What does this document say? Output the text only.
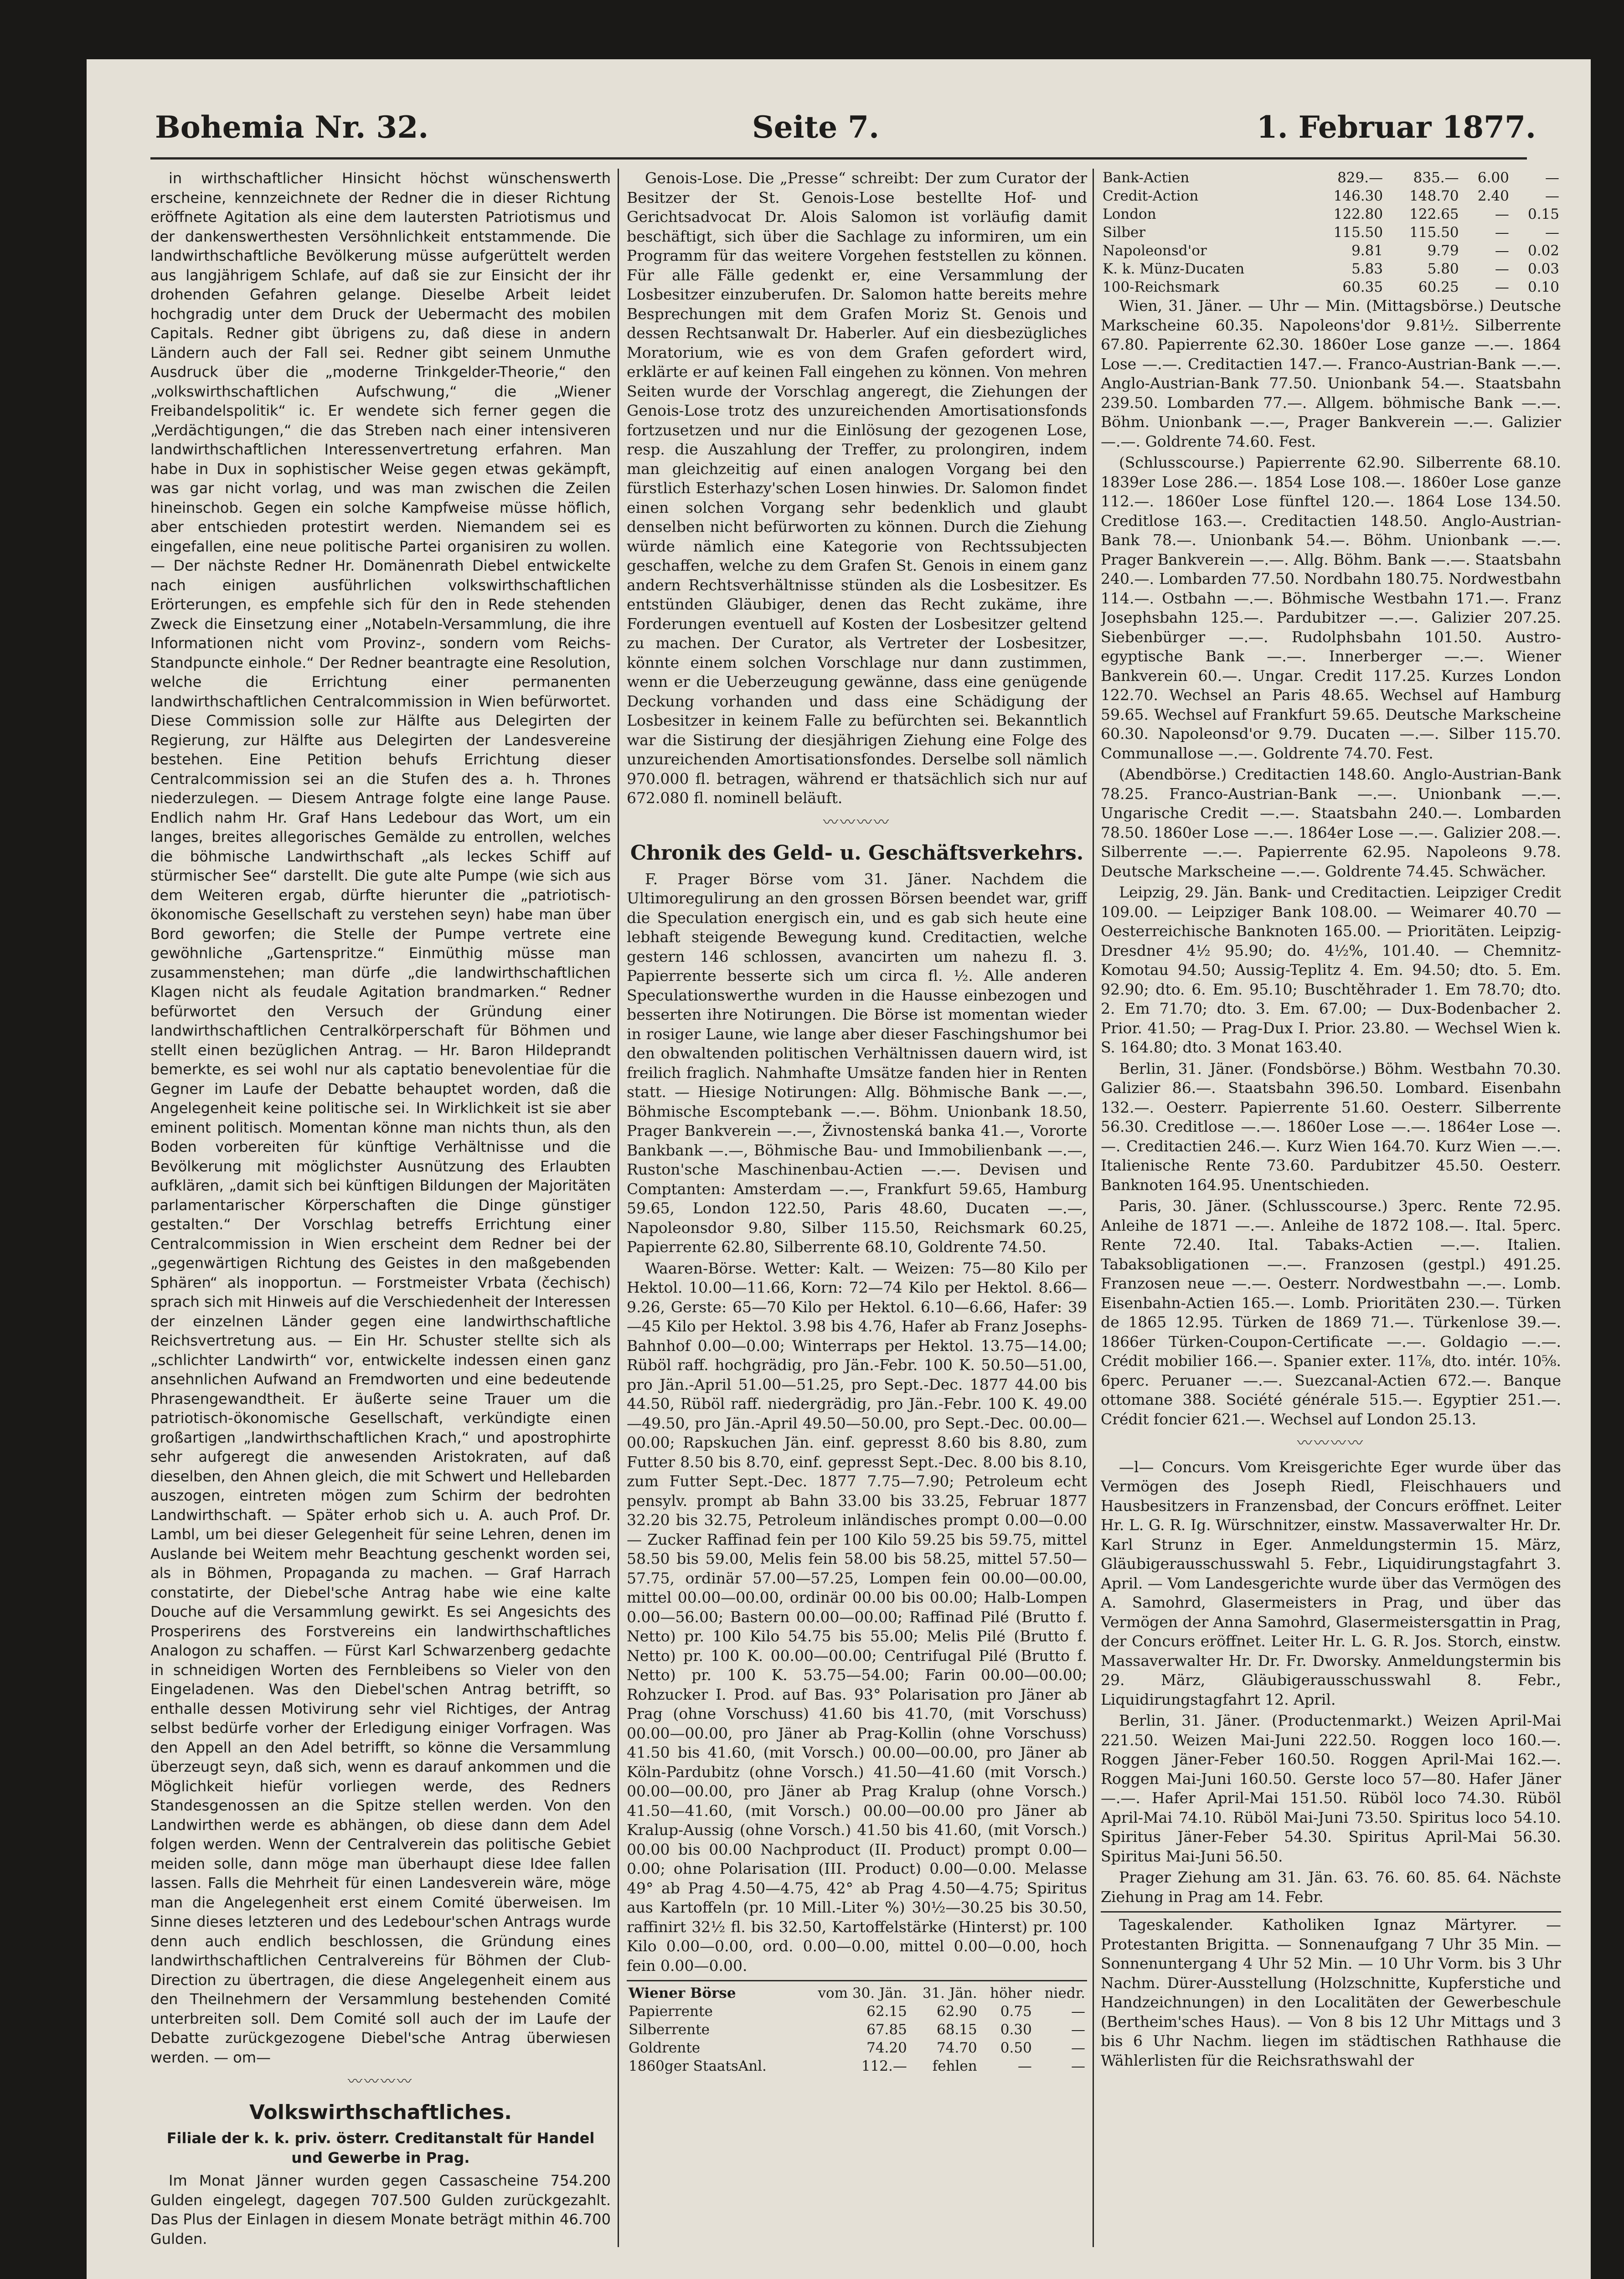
Bohemia Nr. 32.	Seite 7.	1. Februar 1877.

in wirthschaftlicher Hinsicht höchst wünschenswerth erscheine, kennzeichnete der Redner die in dieser Richtung eröffnete Agitation als eine dem lautersten Patriotismus und der dankenswerthesten Versöhnlichkeit entstammende. Die landwirthschaftliche Bevölkerung müsse aufgerüttelt werden aus langjährigem Schlafe, auf daß sie zur Einsicht der ihr drohenden Gefahren gelange. Dieselbe Arbeit leidet hochgradig unter dem Druck der Uebermacht des mobilen Capitals. Redner gibt übrigens zu, daß diese in andern Ländern auch der Fall sei. Redner gibt seinem Unmuthe Ausdruck über die „moderne Trinkgelder-Theorie,“ den „volkswirthschaftlichen Aufschwung,“ die „Wiener Freibandelspolitik“ ic. Er wendete sich ferner gegen die „Verdächtigungen,“ die das Streben nach einer intensiveren landwirthschaftlichen Interessenvertretung erfahren. Man habe in Dux in sophistischer Weise gegen etwas gekämpft, was gar nicht vorlag, und was man zwischen die Zeilen hineinschob. Gegen ein solche Kampfweise müsse höflich, aber entschieden protestirt werden. Niemandem sei es eingefallen, eine neue politische Partei organisiren zu wollen. — Der nächste Redner Hr. Domänenrath Diebel entwickelte nach einigen ausführlichen volkswirthschaftlichen Erörterungen, es empfehle sich für den in Rede stehenden Zweck die Einsetzung einer „Notabeln-Versammlung, die ihre Informationen nicht vom Provinz-, sondern vom Reichs-Standpuncte einhole.“ Der Redner beantragte eine Resolution, welche die Errichtung einer permanenten landwirthschaftlichen Centralcommission in Wien befürwortet. Diese Commission solle zur Hälfte aus Delegirten der Regierung, zur Hälfte aus Delegirten der Landesvereine bestehen. Eine Petition behufs Errichtung dieser Centralcommission sei an die Stufen des a. h. Thrones niederzulegen. — Diesem Antrage folgte eine lange Pause. Endlich nahm Hr. Graf Hans Ledebour das Wort, um ein langes, breites allegorisches Gemälde zu entrollen, welches die böhmische Landwirthschaft „als leckes Schiff auf stürmischer See“ darstellt. Die gute alte Pumpe (wie sich aus dem Weiteren ergab, dürfte hierunter die „patriotisch-ökonomische Gesellschaft zu verstehen seyn) habe man über Bord geworfen; die Stelle der Pumpe vertrete eine gewöhnliche „Gartenspritze.“ Einmüthig müsse man zusammenstehen; man dürfe „die landwirthschaftlichen Klagen nicht als feudale Agitation brandmarken.“ Redner befürwortet den Versuch der Gründung einer landwirthschaftlichen Centralkörperschaft für Böhmen und stellt einen bezüglichen Antrag. — Hr. Baron Hildeprandt bemerkte, es sei wohl nur als captatio benevolentiae für die Gegner im Laufe der Debatte behauptet worden, daß die Angelegenheit keine politische sei. In Wirklichkeit ist sie aber eminent politisch. Momentan könne man nichts thun, als den Boden vorbereiten für künftige Verhältnisse und die Bevölkerung mit möglichster Ausnützung des Erlaubten aufklären, „damit sich bei künftigen Bildungen der Majoritäten parlamentarischer Körperschaften die Dinge günstiger gestalten.“ Der Vorschlag betreffs Errichtung einer Centralcommission in Wien erscheint dem Redner bei der „gegenwärtigen Richtung des Geistes in den maßgebenden Sphären“ als inopportun. — Forstmeister Vrbata (čechisch) sprach sich mit Hinweis auf die Verschiedenheit der Interessen der einzelnen Länder gegen eine landwirthschaftliche Reichsvertretung aus. — Ein Hr. Schuster stellte sich als „schlichter Landwirth“ vor, entwickelte indessen einen ganz ansehnlichen Aufwand an Fremdworten und eine bedeutende Phrasengewandtheit. Er äußerte seine Trauer um die patriotisch-ökonomische Gesellschaft, verkündigte einen großartigen „landwirthschaftlichen Krach,“ und apostrophirte sehr aufgeregt die anwesenden Aristokraten, auf daß dieselben, den Ahnen gleich, die mit Schwert und Hellebarden auszogen, eintreten mögen zum Schirm der bedrohten Landwirthschaft. — Später erhob sich u. A. auch Prof. Dr. Lambl, um bei dieser Gelegenheit für seine Lehren, denen im Auslande bei Weitem mehr Beachtung geschenkt worden sei, als in Böhmen, Propaganda zu machen. — Graf Harrach constatirte, der Diebel'sche Antrag habe wie eine kalte Douche auf die Versammlung gewirkt. Es sei Angesichts des Prosperirens des Forstvereins ein landwirthschaftliches Analogon zu schaffen. — Fürst Karl Schwarzenberg gedachte in schneidigen Worten des Fernbleibens so Vieler von den Eingeladenen. Was den Diebel'schen Antrag betrifft, so enthalle dessen Motivirung sehr viel Richtiges, der Antrag selbst bedürfe vorher der Erledigung einiger Vorfragen. Was den Appell an den Adel betrifft, so könne die Versammlung überzeugt seyn, daß sich, wenn es darauf ankommen und die Möglichkeit hiefür vorliegen werde, des Redners Standesgenossen an die Spitze stellen werden. Von den Landwirthen werde es abhängen, ob diese dann dem Adel folgen werden. Wenn der Centralverein das politische Gebiet meiden solle, dann möge man überhaupt diese Idee fallen lassen. Falls die Mehrheit für einen Landesverein wäre, möge man die Angelegenheit erst einem Comité überweisen. Im Sinne dieses letzteren und des Ledebour'schen Antrags wurde denn auch endlich beschlossen, die Gründung eines landwirthschaftlichen Centralvereins für Böhmen der Club-Direction zu übertragen, die diese Angelegenheit einem aus den Theilnehmern der Versammlung bestehenden Comité unterbreiten soll. Dem Comité soll auch der im Laufe der Debatte zurückgezogene Diebel'sche Antrag überwiesen werden. — om—

〰〰〰〰
Volkswirthschaftliches.
Filiale der k. k. priv. österr. Creditanstalt für Handel und Gewerbe in Prag.

Im Monat Jänner wurden gegen Cassascheine 754.200 Gulden eingelegt, dagegen 707.500 Gulden zurückgezahlt. Das Plus der Einlagen in diesem Monate beträgt mithin 46.700 Gulden.

Genois-Lose. Die „Presse“ schreibt: Der zum Curator der Besitzer der St. Genois-Lose bestellte Hof- und Gerichtsadvocat Dr. Alois Salomon ist vorläufig damit beschäftigt, sich über die Sachlage zu informiren, um ein Programm für das weitere Vorgehen feststellen zu können. Für alle Fälle gedenkt er, eine Versammlung der Losbesitzer einzuberufen. Dr. Salomon hatte bereits mehre Besprechungen mit dem Grafen Moriz St. Genois und dessen Rechtsanwalt Dr. Haberler. Auf ein diesbezügliches Moratorium, wie es von dem Grafen gefordert wird, erklärte er auf keinen Fall eingehen zu können. Von mehren Seiten wurde der Vorschlag angeregt, die Ziehungen der Genois-Lose trotz des unzureichenden Amortisationsfonds fortzusetzen und nur die Einlösung der gezogenen Lose, resp. die Auszahlung der Treffer, zu prolongiren, indem man gleichzeitig auf einen analogen Vorgang bei den fürstlich Esterhazy'schen Losen hinwies. Dr. Salomon findet einen solchen Vorgang sehr bedenklich und glaubt denselben nicht befürworten zu können. Durch die Ziehung würde nämlich eine Kategorie von Rechtssubjecten geschaffen, welche zu dem Grafen St. Genois in einem ganz andern Rechtsverhältnisse stünden als die Losbesitzer. Es entstünden Gläubiger, denen das Recht zukäme, ihre Forderungen eventuell auf Kosten der Losbesitzer geltend zu machen. Der Curator, als Vertreter der Losbesitzer, könnte einem solchen Vorschlage nur dann zustimmen, wenn er die Ueberzeugung gewänne, dass eine genügende Deckung vorhanden und dass eine Schädigung der Losbesitzer in keinem Falle zu befürchten sei. Bekanntlich war die Sistirung der diesjährigen Ziehung eine Folge des unzureichenden Amortisationsfondes. Derselbe soll nämlich 970.000 fl. betragen, während er thatsächlich sich nur auf 672.080 fl. nominell beläuft.

〰〰〰〰
Chronik des Geld- u. Geschäftsverkehrs.

F. Prager Börse vom 31. Jäner. Nachdem die Ultimoregulirung an den grossen Börsen beendet war, griff die Speculation energisch ein, und es gab sich heute eine lebhaft steigende Bewegung kund. Creditactien, welche gestern 146 schlossen, avancirten um nahezu fl. 3. Papierrente besserte sich um circa fl. ½. Alle anderen Speculationswerthe wurden in die Hausse einbezogen und besserten ihre Notirungen. Die Börse ist momentan wieder in rosiger Laune, wie lange aber dieser Faschingshumor bei den obwaltenden politischen Verhältnissen dauern wird, ist freilich fraglich. Nahmhafte Umsätze fanden hier in Renten statt. — Hiesige Notirungen: Allg. Böhmische Bank —.—, Böhmische Escomptebank —.—. Böhm. Unionbank 18.50, Prager Bankverein —.—, Živnostenská banka 41.—, Vororte Bankbank —.—, Böhmische Bau- und Immobilienbank —.—, Ruston'sche Maschinenbau-Actien —.—. Devisen und Comptanten: Amsterdam —.—, Frankfurt 59.65, Hamburg 59.65, London 122.50, Paris 48.60, Ducaten —.—, Napoleonsdor 9.80, Silber 115.50, Reichsmark 60.25, Papierrente 62.80, Silberrente 68.10, Goldrente 74.50.

Waaren-Börse. Wetter: Kalt. — Weizen: 75—80 Kilo per Hektol. 10.00—11.66, Korn: 72—74 Kilo per Hektol. 8.66—9.26, Gerste: 65—70 Kilo per Hektol. 6.10—6.66, Hafer: 39—45 Kilo per Hektol. 3.98 bis 4.76, Hafer ab Franz Josephs-Bahnhof 0.00—0.00; Winterraps per Hektol. 13.75—14.00; Rüböl raff. hochgrädig, pro Jän.-Febr. 100 K. 50.50—51.00, pro Jän.-April 51.00—51.25, pro Sept.-Dec. 1877 44.00 bis 44.50, Rüböl raff. niedergrädig, pro Jän.-Febr. 100 K. 49.00—49.50, pro Jän.-April 49.50—50.00, pro Sept.-Dec. 00.00—00.00; Rapskuchen Jän. einf. gepresst 8.60 bis 8.80, zum Futter 8.50 bis 8.70, einf. gepresst Sept.-Dec. 8.00 bis 8.10, zum Futter Sept.-Dec. 1877 7.75—7.90; Petroleum echt pensylv. prompt ab Bahn 33.00 bis 33.25, Februar 1877 32.20 bis 32.75, Petroleum inländisches prompt 0.00—0.00 — Zucker Raffinad fein per 100 Kilo 59.25 bis 59.75, mittel 58.50 bis 59.00, Melis fein 58.00 bis 58.25, mittel 57.50—57.75, ordinär 57.00—57.25, Lompen fein 00.00—00.00, mittel 00.00—00.00, ordinär 00.00 bis 00.00; Halb-Lompen 0.00—56.00; Bastern 00.00—00.00; Raffinad Pilé (Brutto f. Netto) pr. 100 Kilo 54.75 bis 55.00; Melis Pilé (Brutto f. Netto) pr. 100 K. 00.00—00.00; Centrifugal Pilé (Brutto f. Netto) pr. 100 K. 53.75—54.00; Farin 00.00—00.00; Rohzucker I. Prod. auf Bas. 93° Polarisation pro Jäner ab Prag (ohne Vorschuss) 41.60 bis 41.70, (mit Vorschuss) 00.00—00.00, pro Jäner ab Prag-Kollin (ohne Vorschuss) 41.50 bis 41.60, (mit Vorsch.) 00.00—00.00, pro Jäner ab Köln-Pardubitz (ohne Vorsch.) 41.50—41.60 (mit Vorsch.) 00.00—00.00, pro Jäner ab Prag Kralup (ohne Vorsch.) 41.50—41.60, (mit Vorsch.) 00.00—00.00 pro Jäner ab Kralup-Aussig (ohne Vorsch.) 41.50 bis 41.60, (mit Vorsch.) 00.00 bis 00.00 Nachproduct (II. Product) prompt 0.00—0.00; ohne Polarisation (III. Product) 0.00—0.00. Melasse 49° ab Prag 4.50—4.75, 42° ab Prag 4.50—4.75; Spiritus aus Kartoffeln (pr. 10 Mill.-Liter %) 30½—30.25 bis 30.50, raffinirt 32½ fl. bis 32.50, Kartoffelstärke (Hinterst) pr. 100 Kilo 0.00—0.00, ord. 0.00—0.00, mittel 0.00—0.00, hoch fein 0.00—0.00.

Wiener Börse	vom 30. Jän.	31. Jän.	höher	niedr.
Papierrente	62.15	62.90	0.75	—
Silberrente	67.85	68.15	0.30	—
Goldrente	74.20	74.70	0.50	—
1860ger StaatsAnl.	112.—	fehlen	—	—
Bank-Actien	829.—	835.—	6.00	—
Credit-Action	146.30	148.70	2.40	—
London	122.80	122.65	—	0.15
Silber	115.50	115.50	—	—
Napoleonsd'or	9.81	9.79	—	0.02
K. k. Münz-Ducaten	5.83	5.80	—	0.03
100-Reichsmark	60.35	60.25	—	0.10

Wien, 31. Jäner. — Uhr — Min. (Mittagsbörse.) Deutsche Markscheine 60.35. Napoleons'dor 9.81½. Silberrente 67.80. Papierrente 62.30. 1860er Lose ganze —.—. 1864 Lose —.—. Creditactien 147.—. Franco-Austrian-Bank —.—. Anglo-Austrian-Bank 77.50. Unionbank 54.—. Staatsbahn 239.50. Lombarden 77.—. Allgem. böhmische Bank —.—. Böhm. Unionbank —.—, Prager Bankverein —.—. Galizier —.—. Goldrente 74.60. Fest.

(Schlusscourse.) Papierrente 62.90. Silberrente 68.10. 1839er Lose 286.—. 1854 Lose 108.—. 1860er Lose ganze 112.—. 1860er Lose fünftel 120.—. 1864 Lose 134.50. Creditlose 163.—. Creditactien 148.50. Anglo-Austrian-Bank 78.—. Unionbank 54.—. Böhm. Unionbank —.—. Prager Bankverein —.—. Allg. Böhm. Bank —.—. Staatsbahn 240.—. Lombarden 77.50. Nordbahn 180.75. Nordwestbahn 114.—. Ostbahn —.—. Böhmische Westbahn 171.—. Franz Josephsbahn 125.—. Pardubitzer —.—. Galizier 207.25. Siebenbürger —.—. Rudolphsbahn 101.50. Austro-egyptische Bank —.—. Innerberger —.—. Wiener Bankverein 60.—. Ungar. Credit 117.25. Kurzes London 122.70. Wechsel an Paris 48.65. Wechsel auf Hamburg 59.65. Wechsel auf Frankfurt 59.65. Deutsche Markscheine 60.30. Napoleonsd'or 9.79. Ducaten —.—. Silber 115.70. Communallose —.—. Goldrente 74.70. Fest.

(Abendbörse.) Creditactien 148.60. Anglo-Austrian-Bank 78.25. Franco-Austrian-Bank —.—. Unionbank —.—. Ungarische Credit —.—. Staatsbahn 240.—. Lombarden 78.50. 1860er Lose —.—. 1864er Lose —.—. Galizier 208.—. Silberrente —.—. Papierrente 62.95. Napoleons 9.78. Deutsche Markscheine —.—. Goldrente 74.45. Schwächer.

Leipzig, 29. Jän. Bank- und Creditactien. Leipziger Credit 109.00. — Leipziger Bank 108.00. — Weimarer 40.70 — Oesterreichische Banknoten 165.00. — Prioritäten. Leipzig-Dresdner 4½ 95.90; do. 4½%, 101.40. — Chemnitz-Komotau 94.50; Aussig-Teplitz 4. Em. 94.50; dto. 5. Em. 92.90; dto. 6. Em. 95.10; Buschtěhrader 1. Em 78.70; dto. 2. Em 71.70; dto. 3. Em. 67.00; — Dux-Bodenbacher 2. Prior. 41.50; — Prag-Dux I. Prior. 23.80. — Wechsel Wien k. S. 164.80; dto. 3 Monat 163.40.

Berlin, 31. Jäner. (Fondsbörse.) Böhm. Westbahn 70.30. Galizier 86.—. Staatsbahn 396.50. Lombard. Eisenbahn 132.—. Oesterr. Papierrente 51.60. Oesterr. Silberrente 56.30. Creditlose —.—. 1860er Lose —.—. 1864er Lose —.—. Creditactien 246.—. Kurz Wien 164.70. Kurz Wien —.—. Italienische Rente 73.60. Pardubitzer 45.50. Oesterr. Banknoten 164.95. Unentschieden.

Paris, 30. Jäner. (Schlusscourse.) 3perc. Rente 72.95. Anleihe de 1871 —.—. Anleihe de 1872 108.—. Ital. 5perc. Rente 72.40. Ital. Tabaks-Actien —.—. Italien. Tabaksobligationen —.—. Franzosen (gestpl.) 491.25. Franzosen neue —.—. Oesterr. Nordwestbahn —.—. Lomb. Eisenbahn-Actien 165.—. Lomb. Prioritäten 230.—. Türken de 1865 12.95. Türken de 1869 71.—. Türkenlose 39.—. 1866er Türken-Coupon-Certificate —.—. Goldagio —.—. Crédit mobilier 166.—. Spanier exter. 11⅞, dto. intér. 10⅝. 6perc. Peruaner —.—. Suezcanal-Actien 672.—. Banque ottomane 388. Société générale 515.—. Egyptier 251.—. Crédit foncier 621.—. Wechsel auf London 25.13.

〰〰〰〰

—l— Concurs. Vom Kreisgerichte Eger wurde über das Vermögen des Joseph Riedl, Fleischhauers und Hausbesitzers in Franzensbad, der Concurs eröffnet. Leiter Hr. L. G. R. Ig. Würschnitzer, einstw. Massaverwalter Hr. Dr. Karl Strunz in Eger. Anmeldungstermin 15. März, Gläubigerausschusswahl 5. Febr., Liquidirungstagfahrt 3. April. — Vom Landesgerichte wurde über das Vermögen des A. Samohrd, Glasermeisters in Prag, und über das Vermögen der Anna Samohrd, Glasermeistersgattin in Prag, der Concurs eröffnet. Leiter Hr. L. G. R. Jos. Storch, einstw. Massaverwalter Hr. Dr. Fr. Dworsky. Anmeldungstermin bis 29. März, Gläubigerausschusswahl 8. Febr., Liquidirungstagfahrt 12. April.

Berlin, 31. Jäner. (Productenmarkt.) Weizen April-Mai 221.50. Weizen Mai-Juni 222.50. Roggen loco 160.—. Roggen Jäner-Feber 160.50. Roggen April-Mai 162.—. Roggen Mai-Juni 160.50. Gerste loco 57—80. Hafer Jäner —.—. Hafer April-Mai 151.50. Rüböl loco 74.30. Rüböl April-Mai 74.10. Rüböl Mai-Juni 73.50. Spiritus loco 54.10. Spiritus Jäner-Feber 54.30. Spiritus April-Mai 56.30. Spiritus Mai-Juni 56.50.

Prager Ziehung am 31. Jän. 63. 76. 60. 85. 64. Nächste Ziehung in Prag am 14. Febr.

Tageskalender. Katholiken Ignaz Märtyrer. — Protestanten Brigitta. — Sonnenaufgang 7 Uhr 35 Min. — Sonnenuntergang 4 Uhr 52 Min. — 10 Uhr Vorm. bis 3 Uhr Nachm. Dürer-Ausstellung (Holzschnitte, Kupferstiche und Handzeichnungen) in den Localitäten der Gewerbeschule (Bertheim'sches Haus). — Von 8 bis 12 Uhr Mittags und 3 bis 6 Uhr Nachm. liegen im städtischen Rathhause die Wählerlisten für die Reichsrathswahl der
